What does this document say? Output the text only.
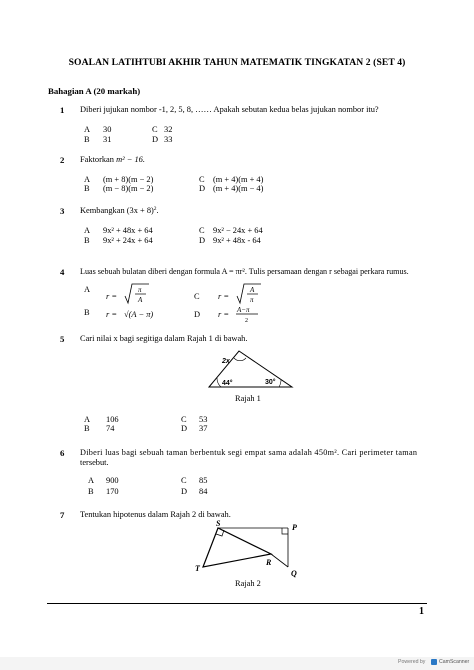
SOALAN LATIHTUBI AKHIR TAHUN MATEMATIK TINGKATAN 2 (SET 4)
Bahagian A (20 markah)
1 Diberi jujukan nombor -1, 2, 5, 8, …… Apakah sebutan kedua belas jujukan nombor itu?
A 30
B 31
C 32
D 33
2 Faktorkan m² − 16.
A (m + 8)(m − 2)
B (m − 8)(m − 2)
C (m + 4)(m + 4)
D (m + 4)(m − 4)
3 Kembangkan $(3x + 8)^2$.
A 9x² + 48x + 64
B 9x² + 24x + 64
C 9x² − 24x + 64
D 9x² + 48x - 64
4 Luas sebuah bulatan diberi dengan formula A = πr². Tulis persamaan dengan r sebagai perkara rumus.
A
r =
π
A
B r = √(A − π)
C r =
A
π
D r = A−π
2
5 Cari nilai x bagi segitiga dalam Rajah 1 di bawah.
2x
44°	30°
Rajah 1
A 106
B 74
C 53
D 37
6 Diberi luas bagi sebuah taman berbentuk segi empat sama adalah 450m². Cari perimeter taman
tersebut.
A 900
B 170
C 85
D 84
7 Tentukan hipotenus dalam Rajah 2 di bawah.
S	P
R
T
Q
Rajah 2
1
Powered by	CamScanner
